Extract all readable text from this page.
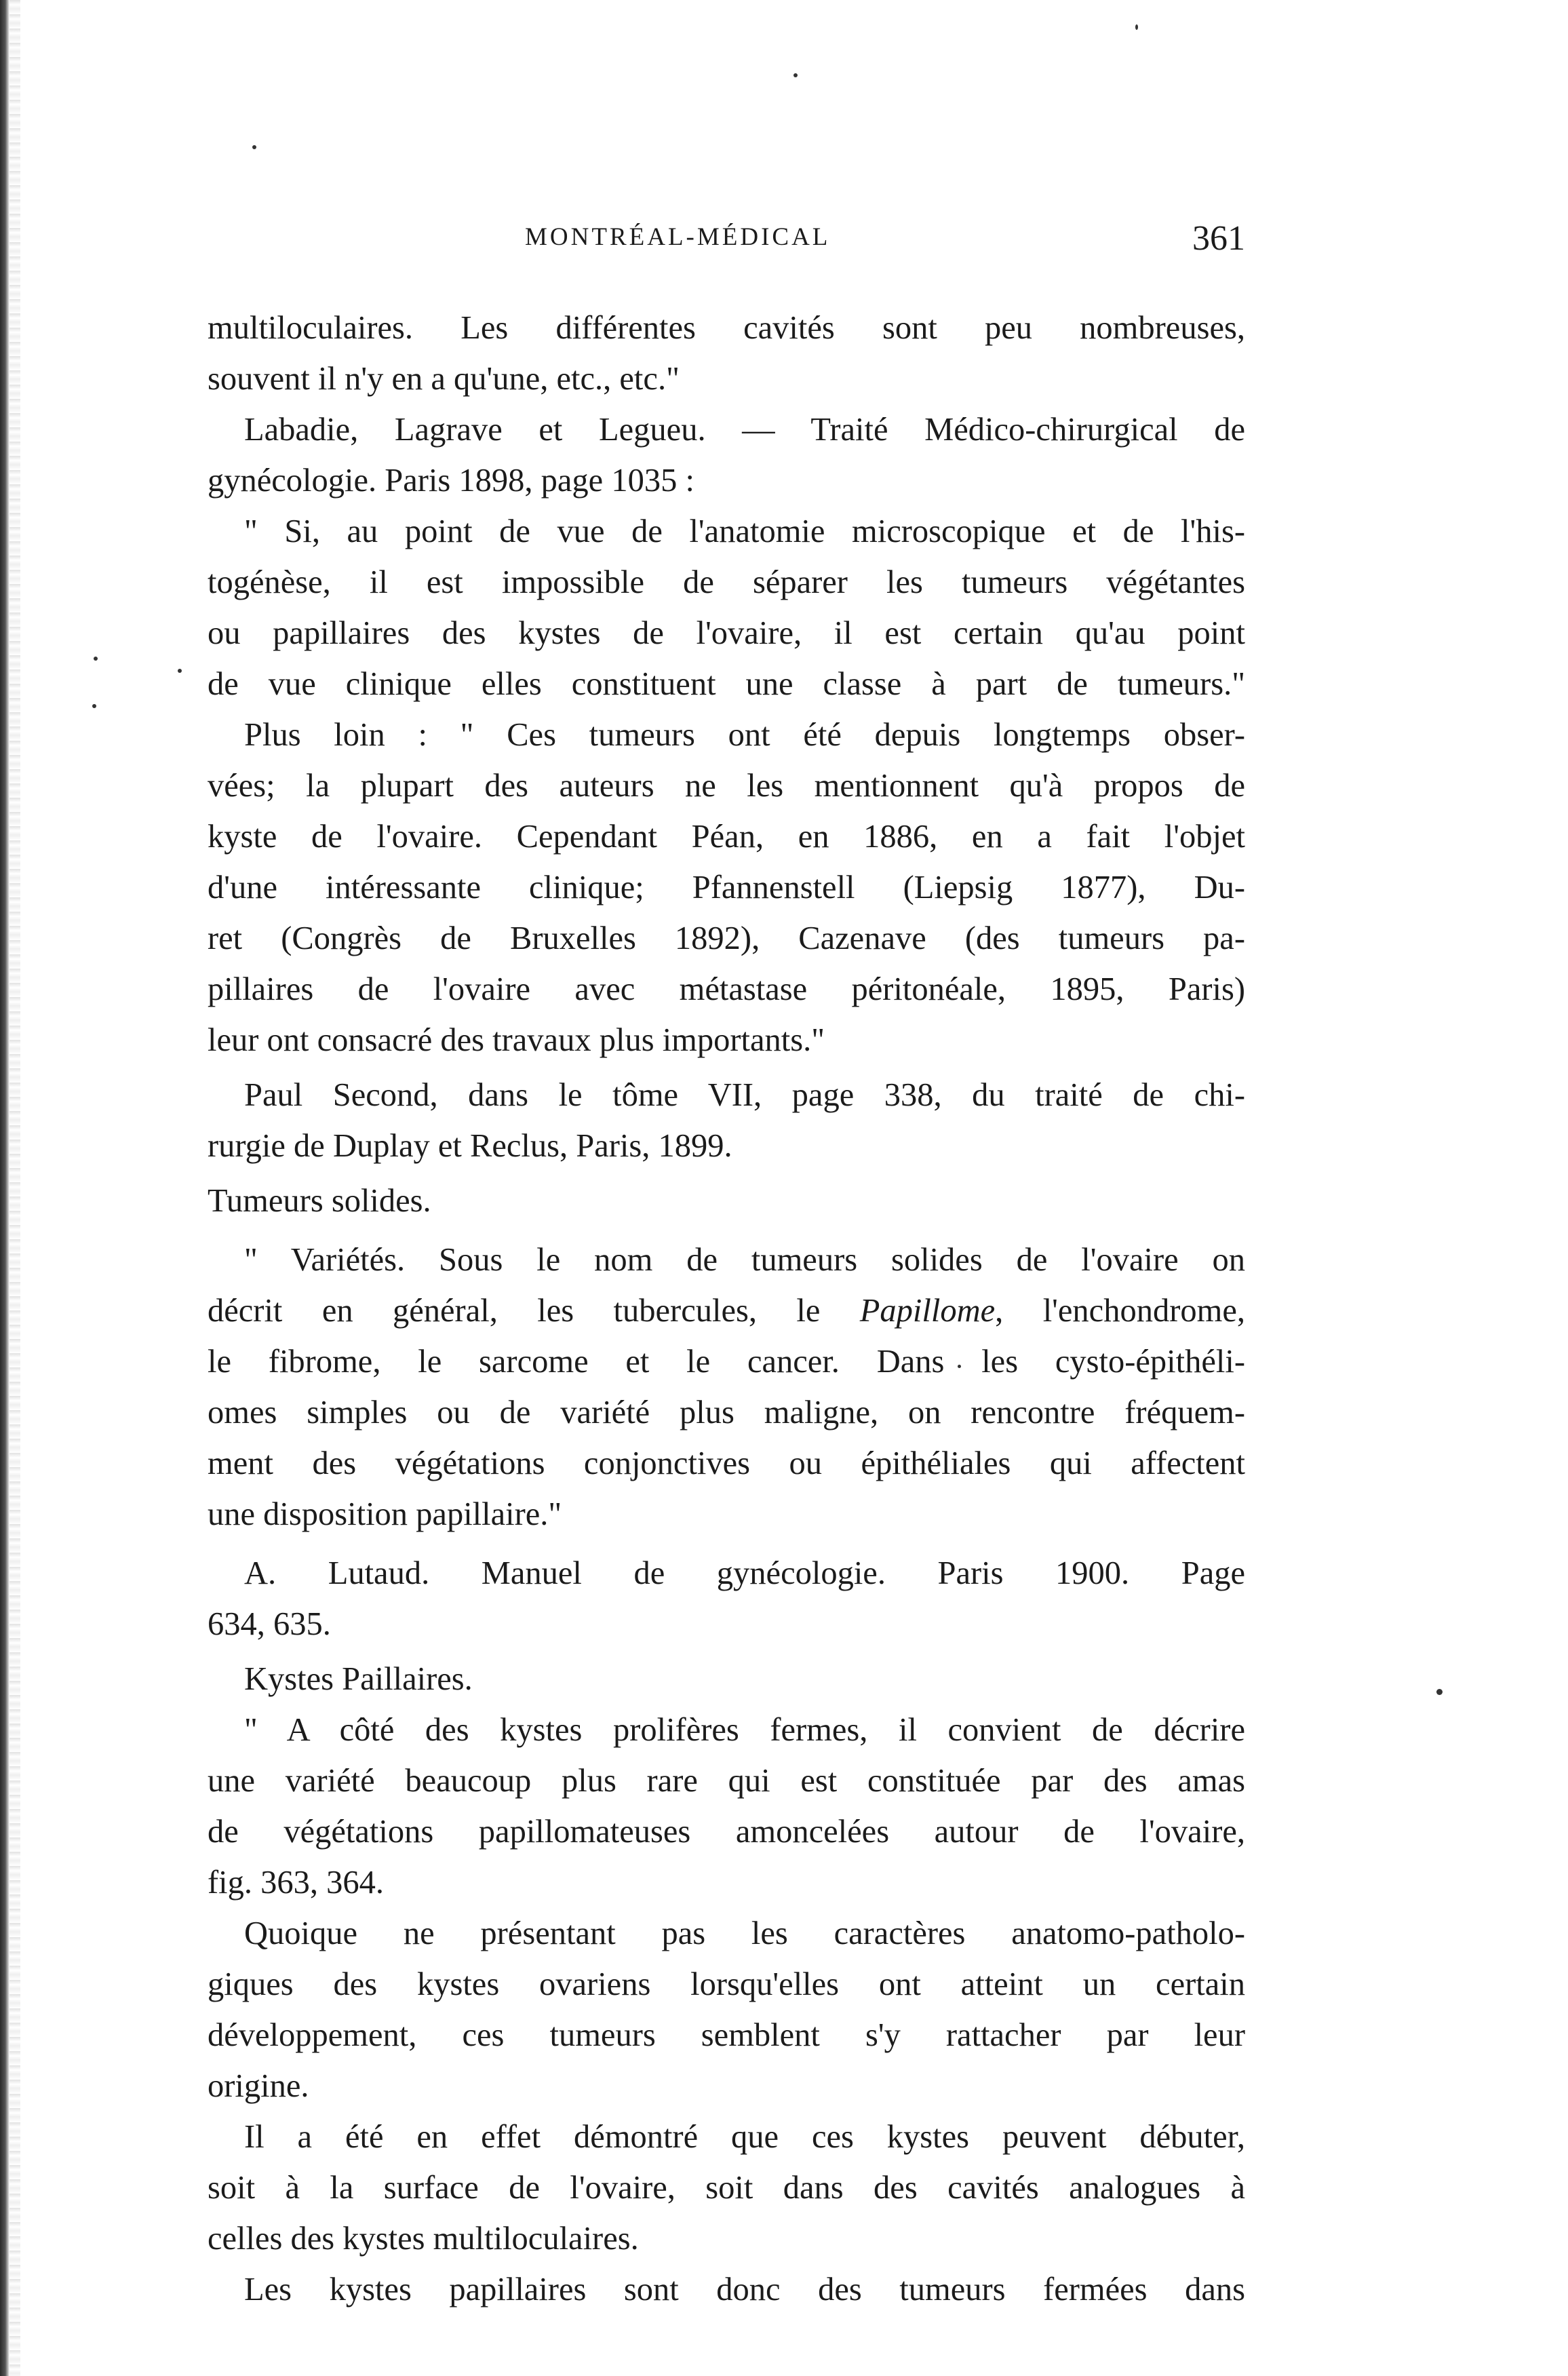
MONTRÉAL-MÉDICAL	361
multiloculaires. Les différentes cavités sont peu nombreuses,
souvent il n'y en a qu'une, etc., etc."
Labadie, Lagrave et Legueu. — Traité Médico-chirurgical de
gynécologie. Paris 1898, page 1035 :
" Si, au point de vue de l'anatomie microscopique et de l'his-
togénèse, il est impossible de séparer les tumeurs végétantes
ou papillaires des kystes de l'ovaire, il est certain qu'au point
de vue clinique elles constituent une classe à part de tumeurs."
Plus loin : " Ces tumeurs ont été depuis longtemps obser-
vées; la plupart des auteurs ne les mentionnent qu'à propos de
kyste de l'ovaire. Cependant Péan, en 1886, en a fait l'objet
d'une intéressante clinique; Pfannenstell (Liepsig 1877), Du-
ret (Congrès de Bruxelles 1892), Cazenave (des tumeurs pa-
pillaires de l'ovaire avec métastase péritonéale, 1895, Paris)
leur ont consacré des travaux plus importants."
Paul Second, dans le tôme VII, page 338, du traité de chi-
rurgie de Duplay et Reclus, Paris, 1899.
Tumeurs solides.
" Variétés. Sous le nom de tumeurs solides de l'ovaire on
décrit en général, les tubercules, le Papillome, l'enchondrome,
le fibrome, le sarcome et le cancer. Dans les cysto-épithéli-
omes simples ou de variété plus maligne, on rencontre fréquem-
ment des végétations conjonctives ou épithéliales qui affectent
une disposition papillaire."
A. Lutaud. Manuel de gynécologie. Paris 1900. Page
634, 635.
Kystes Paillaires.
" A côté des kystes prolifères fermes, il convient de décrire
une variété beaucoup plus rare qui est constituée par des amas
de végétations papillomateuses amoncelées autour de l'ovaire,
fig. 363, 364.
Quoique ne présentant pas les caractères anatomo-patholo-
giques des kystes ovariens lorsqu'elles ont atteint un certain
développement, ces tumeurs semblent s'y rattacher par leur
origine.
Il a été en effet démontré que ces kystes peuvent débuter,
soit à la surface de l'ovaire, soit dans des cavités analogues à
celles des kystes multiloculaires.
Les kystes papillaires sont donc des tumeurs fermées dans
